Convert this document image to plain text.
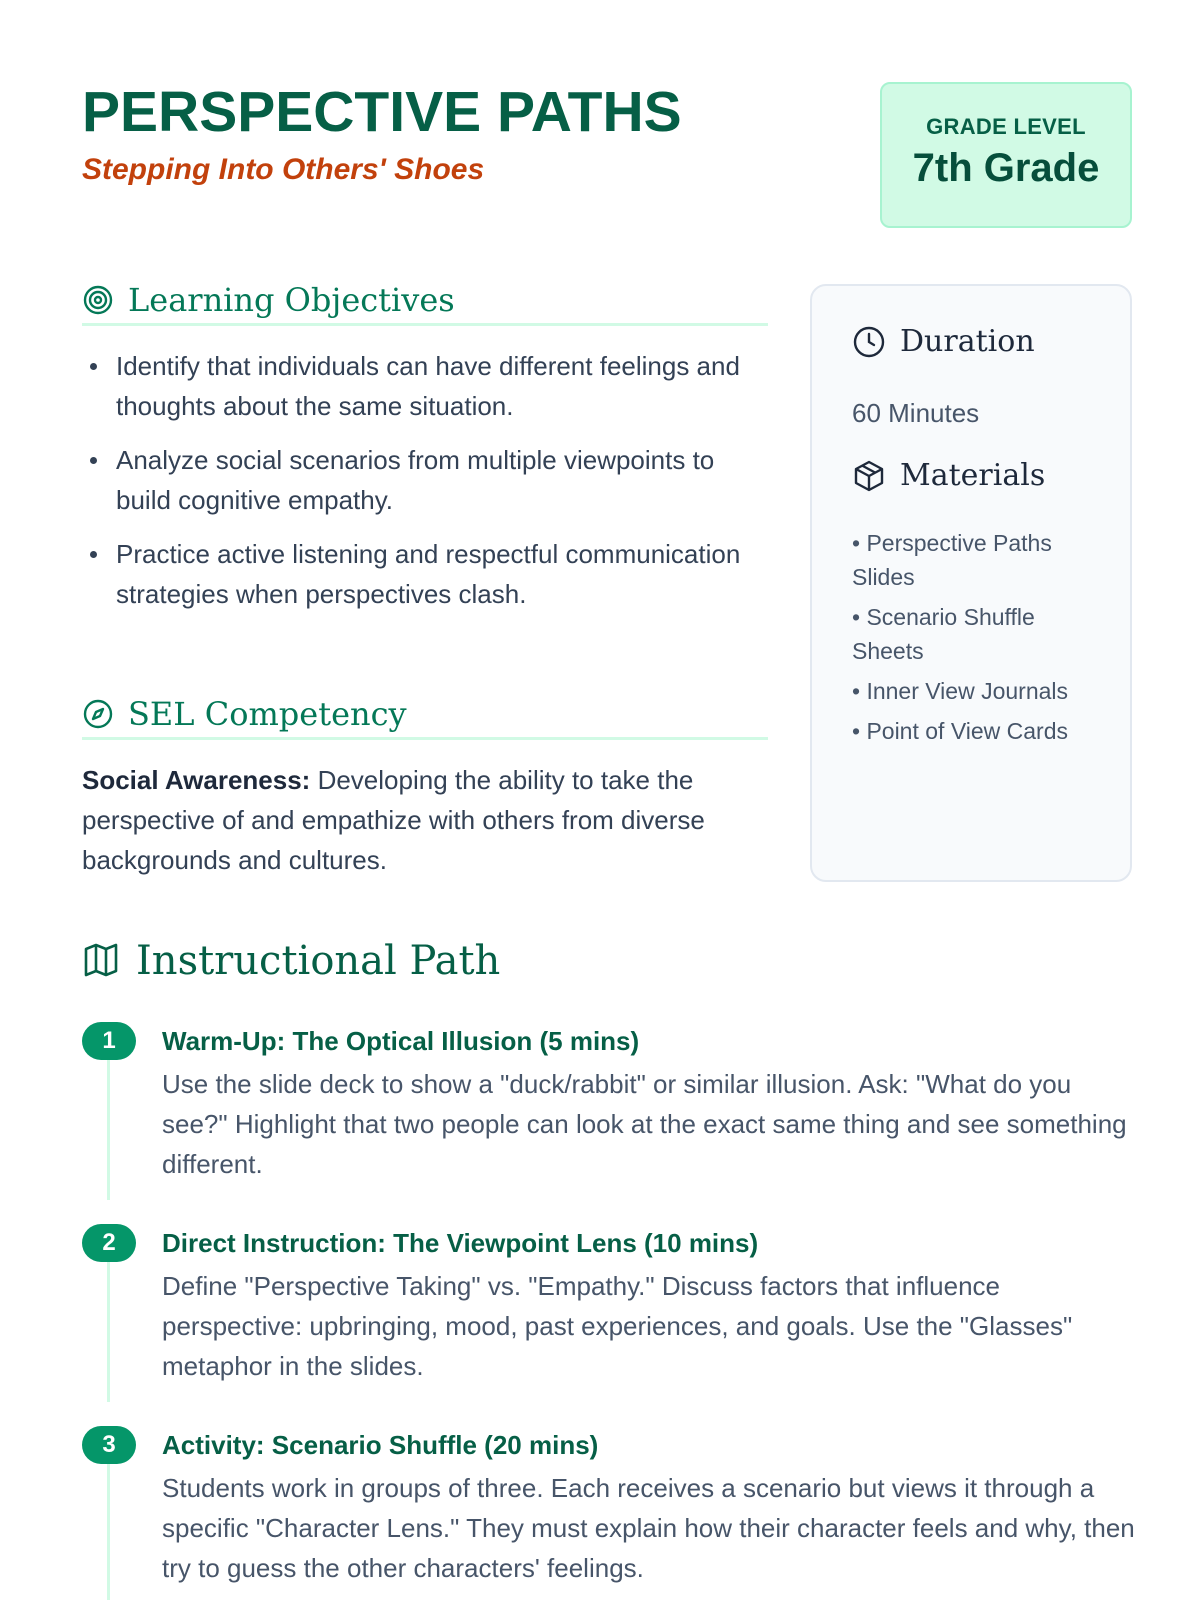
PERSPECTIVE PATHS
Stepping Into Others' Shoes
GRADE LEVEL
7th Grade
Learning Objectives
Identify that individuals can have different feelings and thoughts about the same situation.
Analyze social scenarios from multiple viewpoints to build cognitive empathy.
Practice active listening and respectful communication strategies when perspectives clash.
SEL Competency

Social Awareness: Developing the ability to take the perspective of and empathize with others from diverse backgrounds and cultures.

Duration
60 Minutes
Materials
• Perspective Paths Slides
• Scenario Shuffle Sheets
• Inner View Journals
• Point of View Cards
Instructional Path
1	Warm-Up: The Optical Illusion (5 mins)
Use the slide deck to show a "duck/rabbit" or similar illusion. Ask: "What do you see?" Highlight that two people can look at the exact same thing and see something different.
2	Direct Instruction: The Viewpoint Lens (10 mins)
Define "Perspective Taking" vs. "Empathy." Discuss factors that influence perspective: upbringing, mood, past experiences, and goals. Use the "Glasses" metaphor in the slides.
3	Activity: Scenario Shuffle (20 mins)
Students work in groups of three. Each receives a scenario but views it through a specific "Character Lens." They must explain how their character feels and why, then try to guess the other characters' feelings.
